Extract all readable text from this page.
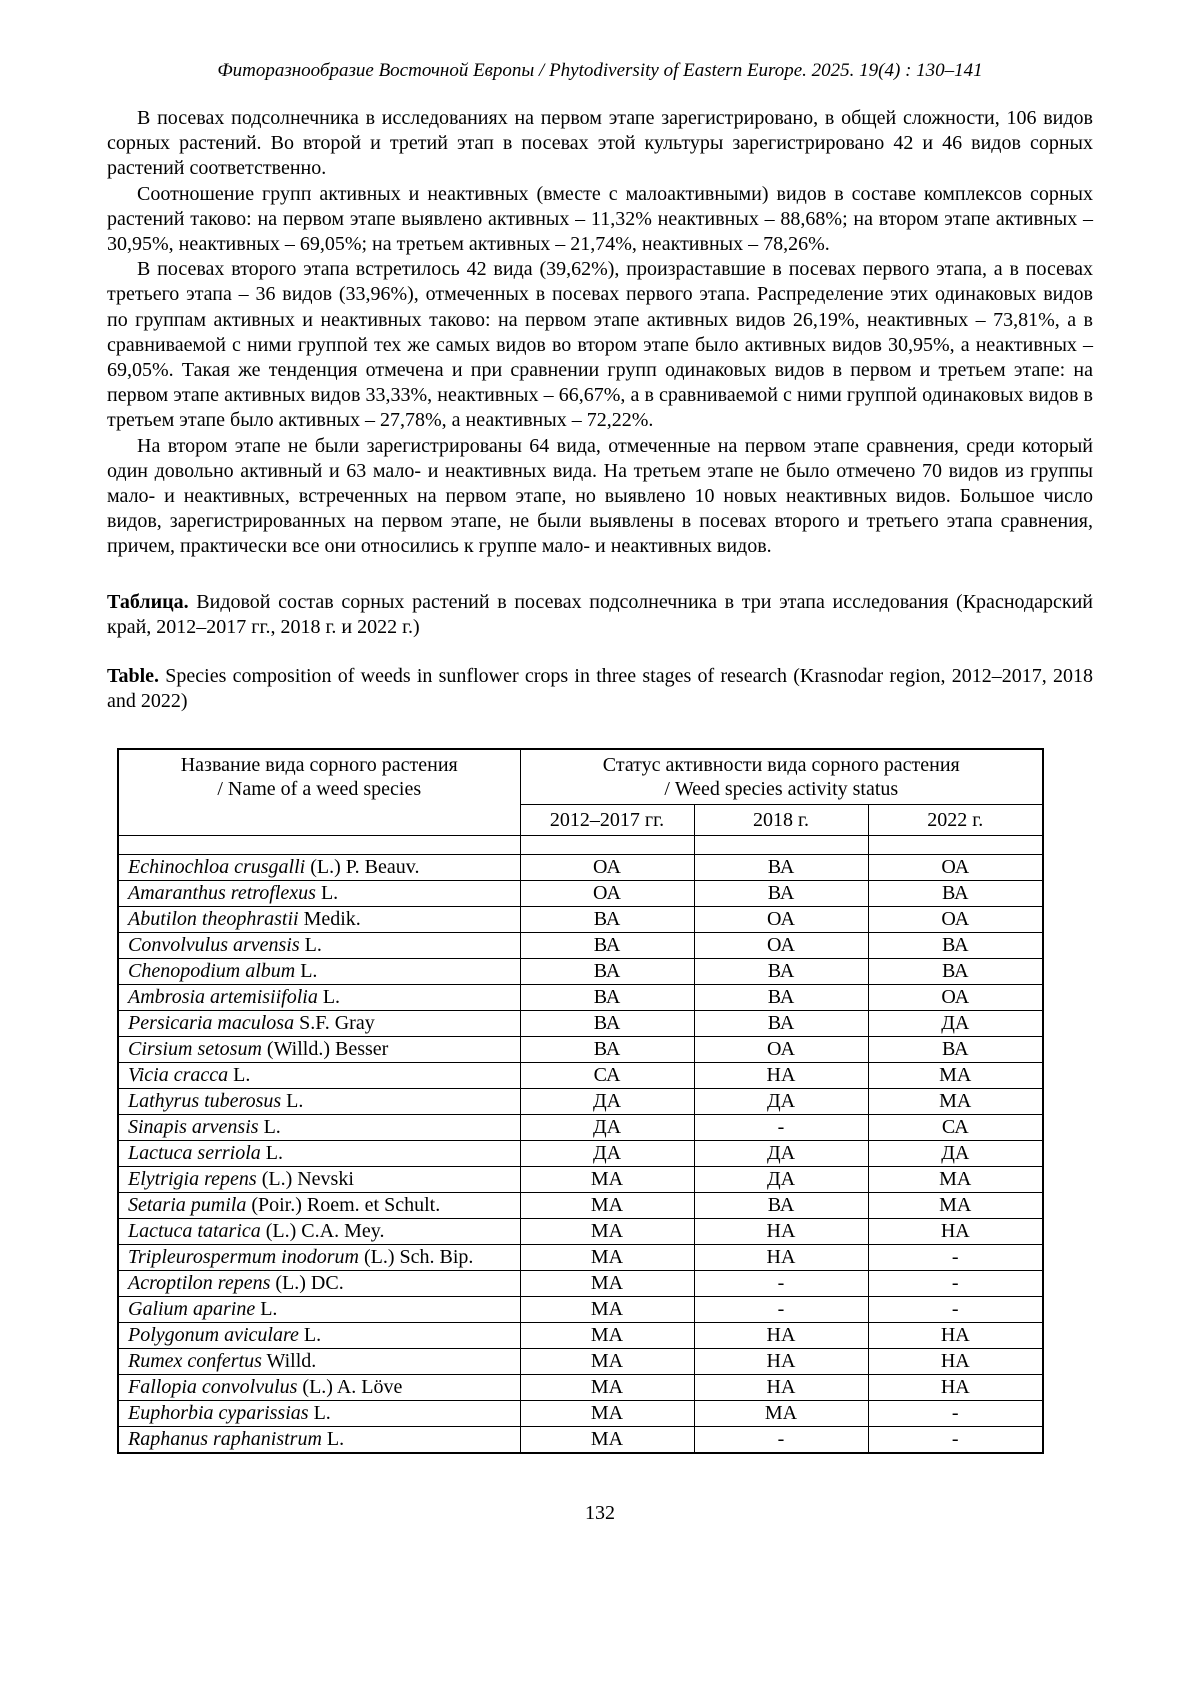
Фиторазнообразие Восточной Европы / Phytodiversity of Eastern Europe. 2025. 19(4) : 130–141

В посевах подсолнечника в исследованиях на первом этапе зарегистрировано, в общей сложности, 106 видов сорных растений. Во второй и третий этап в посевах этой культуры зарегистрировано 42 и 46 видов сорных растений соответственно.

Соотношение групп активных и неактивных (вместе с малоактивными) видов в составе комплексов сорных растений таково: на первом этапе выявлено активных – 11,32% неактивных – 88,68%; на втором этапе активных – 30,95%, неактивных – 69,05%; на третьем активных – 21,74%, неактивных – 78,26%.

В посевах второго этапа встретилось 42 вида (39,62%), произраставшие в посевах первого этапа, а в посевах третьего этапа – 36 видов (33,96%), отмеченных в посевах первого этапа. Распределение этих одинаковых видов по группам активных и неактивных таково: на первом этапе активных видов 26,19%, неактивных – 73,81%, а в сравниваемой с ними группой тех же самых видов во втором этапе было активных видов 30,95%, а неактивных – 69,05%. Такая же тенденция отмечена и при сравнении групп одинаковых видов в первом и третьем этапе: на первом этапе активных видов 33,33%, неактивных – 66,67%, а в сравниваемой с ними группой одинаковых видов в третьем этапе было активных – 27,78%, а неактивных – 72,22%.

На втором этапе не были зарегистрированы 64 вида, отмеченные на первом этапе сравнения, среди который один довольно активный и 63 мало- и неактивных вида. На третьем этапе не было отмечено 70 видов из группы мало- и неактивных, встреченных на первом этапе, но выявлено 10 новых неактивных видов. Большое число видов, зарегистрированных на первом этапе, не были выявлены в посевах второго и третьего этапа сравнения, причем, практически все они относились к группе мало- и неактивных видов.

Таблица. Видовой состав сорных растений в посевах подсолнечника в три этапа исследования (Краснодарский край, 2012–2017 гг., 2018 г. и 2022 г.)

Table. Species composition of weeds in sunflower crops in three stages of research (Krasnodar region, 2012–2017, 2018 and 2022)

Название вида сорного растения
/ Name of a weed species	Статус активности вида сорного растения
/ Weed species activity status		
	2012–2017 гг.	2018 г.	2022 г.

Echinochloa crusgalli (L.) P. Beauv.	ОА	ВА	ОА
Amaranthus retroflexus L.	ОА	ВА	ВА
Abutilon theophrastii Medik.	ВА	ОА	ОА
Convolvulus arvensis L.	ВА	ОА	ВА
Chenopodium album L.	ВА	ВА	ВА
Ambrosia artemisiifolia L.	ВА	ВА	ОА
Persicaria maculosa S.F. Gray	ВА	ВА	ДА
Cirsium setosum (Willd.) Besser	ВА	ОА	ВА
Vicia cracca L.	СА	НА	МА
Lathyrus tuberosus L.	ДА	ДА	МА
Sinapis arvensis L.	ДА	-	СА
Lactuca serriola L.	ДА	ДА	ДА
Elytrigia repens (L.) Nevski	МА	ДА	МА
Setaria pumila (Poir.) Roem. et Schult.	МА	ВА	МА
Lactuca tatarica (L.) C.A. Mey.	МА	НА	НА
Tripleurospermum inodorum (L.) Sch. Bip.	МА	НА	-
Acroptilon repens (L.) DC.	МА	-	-
Galium aparine L.	МА	-	-
Polygonum aviculare L.	МА	НА	НА
Rumex confertus Willd.	МА	НА	НА
Fallopia convolvulus (L.) A. Löve	МА	НА	НА
Euphorbia cyparissias L.	МА	МА	-
Raphanus raphanistrum L.	МА	-	-
132
